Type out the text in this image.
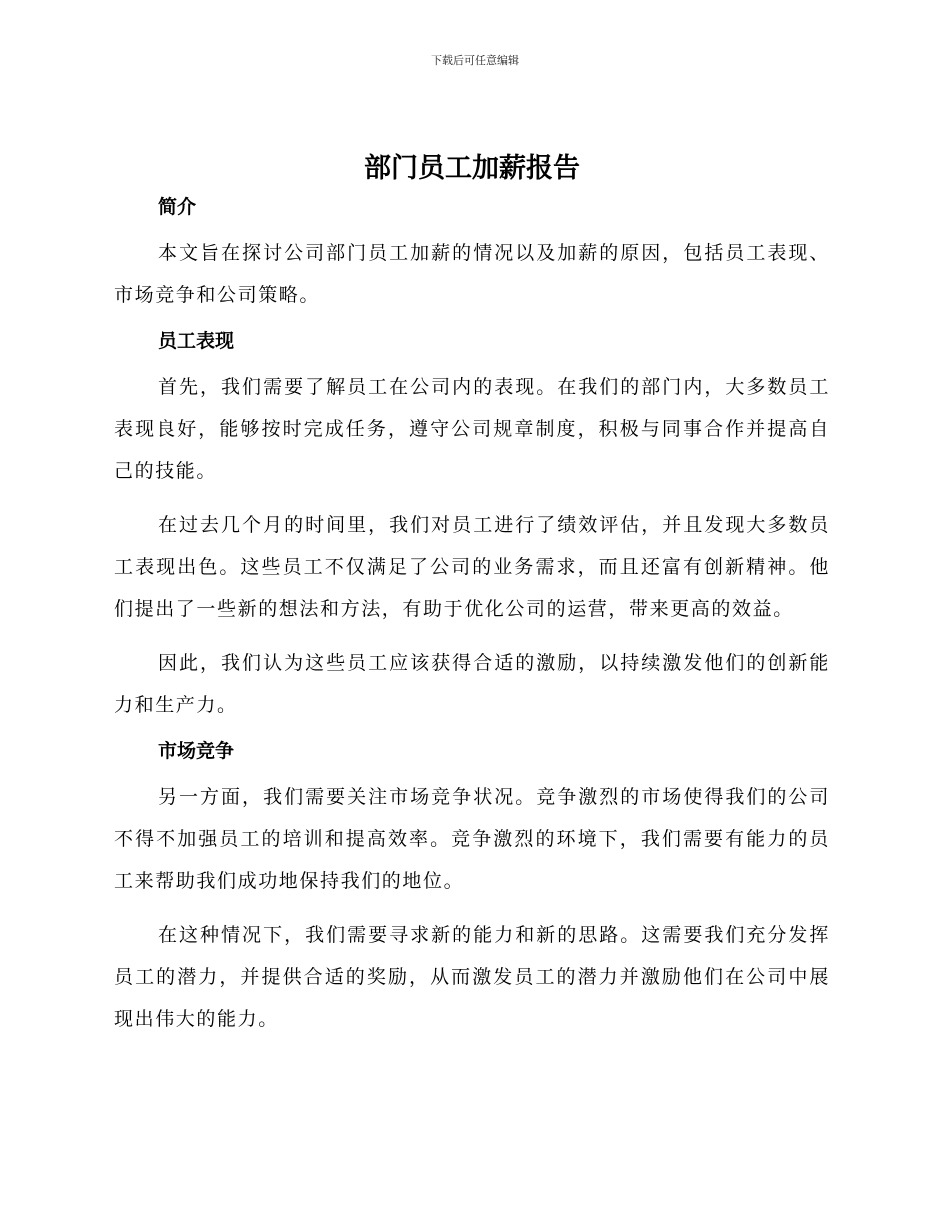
下载后可任意编辑
部门员工加薪报告
简介

本文旨在探讨公司部门员工加薪的情况以及加薪的原因，包括员工表现、市场竞争和公司策略。

员工表现

首先，我们需要了解员工在公司内的表现。在我们的部门内，大多数员工表现良好，能够按时完成任务，遵守公司规章制度，积极与同事合作并提高自己的技能。

在过去几个月的时间里，我们对员工进行了绩效评估，并且发现大多数员工表现出色。这些员工不仅满足了公司的业务需求，而且还富有创新精神。他们提出了一些新的想法和方法，有助于优化公司的运营，带来更高的效益。

因此，我们认为这些员工应该获得合适的激励，以持续激发他们的创新能力和生产力。

市场竞争

另一方面，我们需要关注市场竞争状况。竞争激烈的市场使得我们的公司不得不加强员工的培训和提高效率。竞争激烈的环境下，我们需要有能力的员工来帮助我们成功地保持我们的地位。

在这种情况下，我们需要寻求新的能力和新的思路。这需要我们充分发挥员工的潜力，并提供合适的奖励，从而激发员工的潜力并激励他们在公司中展现出伟大的能力。
